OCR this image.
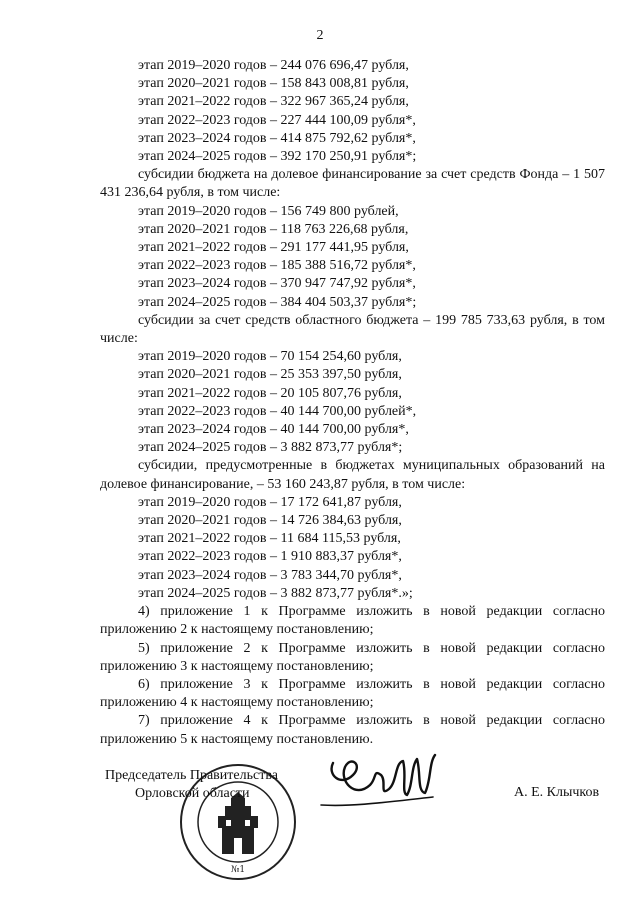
2
этап 2019–2020 годов – 244 076 696,47 рубля,
этап 2020–2021 годов – 158 843 008,81 рубля,
этап 2021–2022 годов – 322 967 365,24 рубля,
этап 2022–2023 годов – 227 444 100,09 рубля*,
этап 2023–2024 годов – 414 875 792,62 рубля*,
этап 2024–2025 годов – 392 170 250,91 рубля*;
субсидии бюджета на долевое финансирование за счет средств Фонда – 1 507 431 236,64 рубля, в том числе:
этап 2019–2020 годов – 156 749 800 рублей,
этап 2020–2021 годов – 118 763 226,68 рубля,
этап 2021–2022 годов – 291 177 441,95 рубля,
этап 2022–2023 годов – 185 388 516,72 рубля*,
этап 2023–2024 годов – 370 947 747,92 рубля*,
этап 2024–2025 годов – 384 404 503,37 рубля*;
субсидии за счет средств областного бюджета – 199 785 733,63 рубля, в том числе:
этап 2019–2020 годов – 70 154 254,60 рубля,
этап 2020–2021 годов – 25 353 397,50 рубля,
этап 2021–2022 годов – 20 105 807,76 рубля,
этап 2022–2023 годов – 40 144 700,00 рублей*,
этап 2023–2024 годов – 40 144 700,00 рубля*,
этап 2024–2025 годов – 3 882 873,77 рубля*;
субсидии, предусмотренные в бюджетах муниципальных образований на долевое финансирование, – 53 160 243,87 рубля, в том числе:
этап 2019–2020 годов – 17 172 641,87 рубля,
этап 2020–2021 годов – 14 726 384,63 рубля,
этап 2021–2022 годов – 11 684 115,53 рубля,
этап 2022–2023 годов – 1 910 883,37 рубля*,
этап 2023–2024 годов – 3 783 344,70 рубля*,
этап 2024–2025 годов – 3 882 873,77 рубля*.»;
4) приложение 1 к Программе изложить в новой редакции согласно приложению 2 к настоящему постановлению;
5) приложение 2 к Программе изложить в новой редакции согласно приложению 3 к настоящему постановлению;
6) приложение 3 к Программе изложить в новой редакции согласно приложению 4 к настоящему постановлению;
7) приложение 4 к Программе изложить в новой редакции согласно приложению 5 к настоящему постановлению.
№1
Председатель Правительства
Орловской области	А. Е. Клычков
